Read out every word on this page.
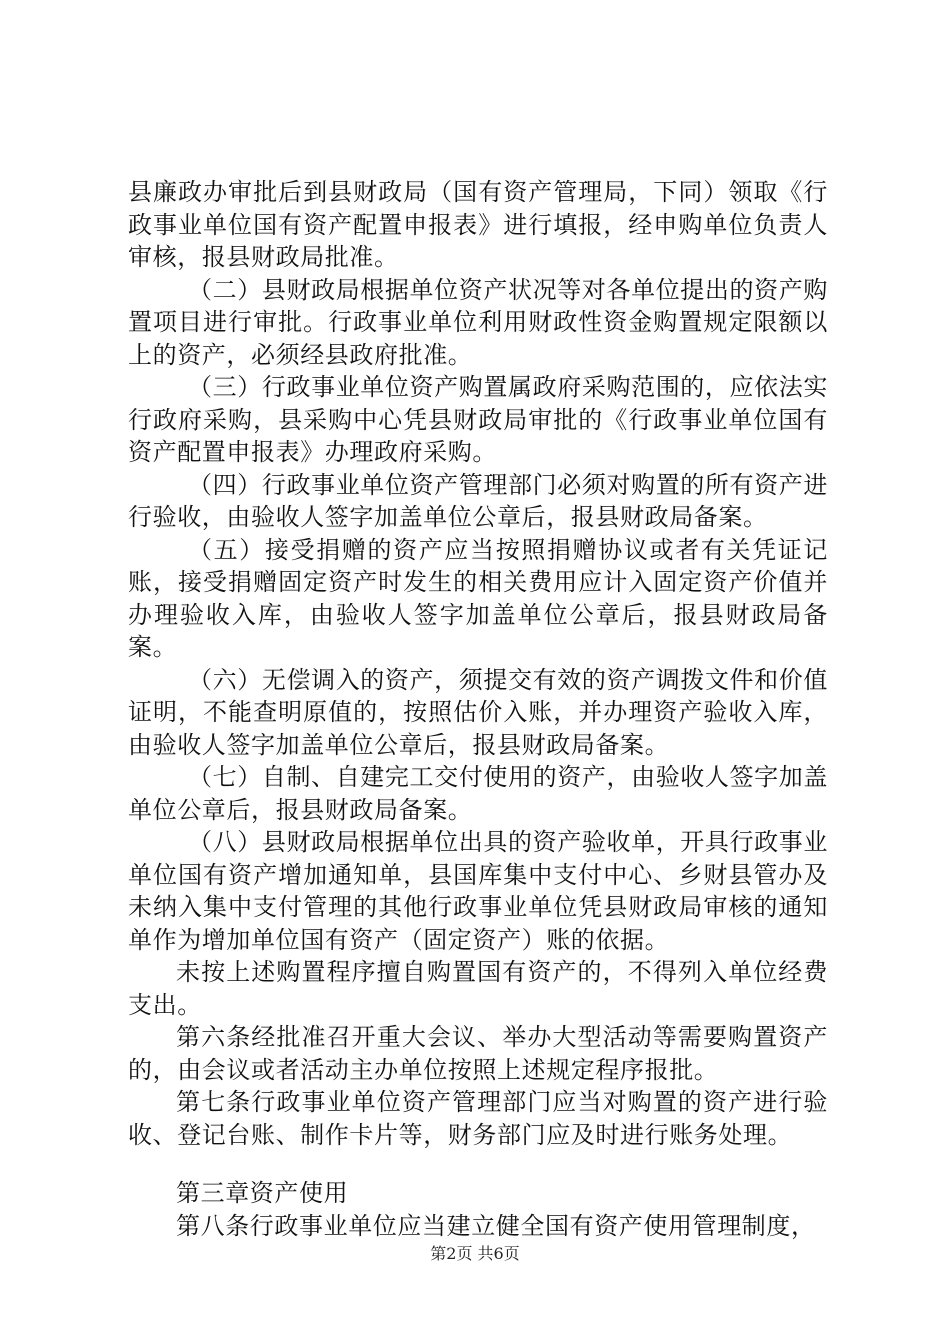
县廉政办审批后到县财政局（国有资产管理局，下同）领取《行政事业单位国有资产配置申报表》进行填报，经申购单位负责人审核，报县财政局批准。

（二）县财政局根据单位资产状况等对各单位提出的资产购置项目进行审批。行政事业单位利用财政性资金购置规定限额以上的资产，必须经县政府批准。

（三）行政事业单位资产购置属政府采购范围的，应依法实行政府采购，县采购中心凭县财政局审批的《行政事业单位国有资产配置申报表》办理政府采购。

（四）行政事业单位资产管理部门必须对购置的所有资产进行验收，由验收人签字加盖单位公章后，报县财政局备案。

（五）接受捐赠的资产应当按照捐赠协议或者有关凭证记账，接受捐赠固定资产时发生的相关费用应计入固定资产价值并办理验收入库，由验收人签字加盖单位公章后，报县财政局备案。

（六）无偿调入的资产，须提交有效的资产调拨文件和价值证明，不能查明原值的，按照估价入账，并办理资产验收入库，由验收人签字加盖单位公章后，报县财政局备案。

（七）自制、自建完工交付使用的资产，由验收人签字加盖单位公章后，报县财政局备案。

（八）县财政局根据单位出具的资产验收单，开具行政事业单位国有资产增加通知单，县国库集中支付中心、乡财县管办及未纳入集中支付管理的其他行政事业单位凭县财政局审核的通知单作为增加单位国有资产（固定资产）账的依据。

未按上述购置程序擅自购置国有资产的，不得列入单位经费支出。

第六条经批准召开重大会议、举办大型活动等需要购置资产的，由会议或者活动主办单位按照上述规定程序报批。

第七条行政事业单位资产管理部门应当对购置的资产进行验收、登记台账、制作卡片等，财务部门应及时进行账务处理。

第三章资产使用

第八条行政事业单位应当建立健全国有资产使用管理制度，

第2页 共6页
